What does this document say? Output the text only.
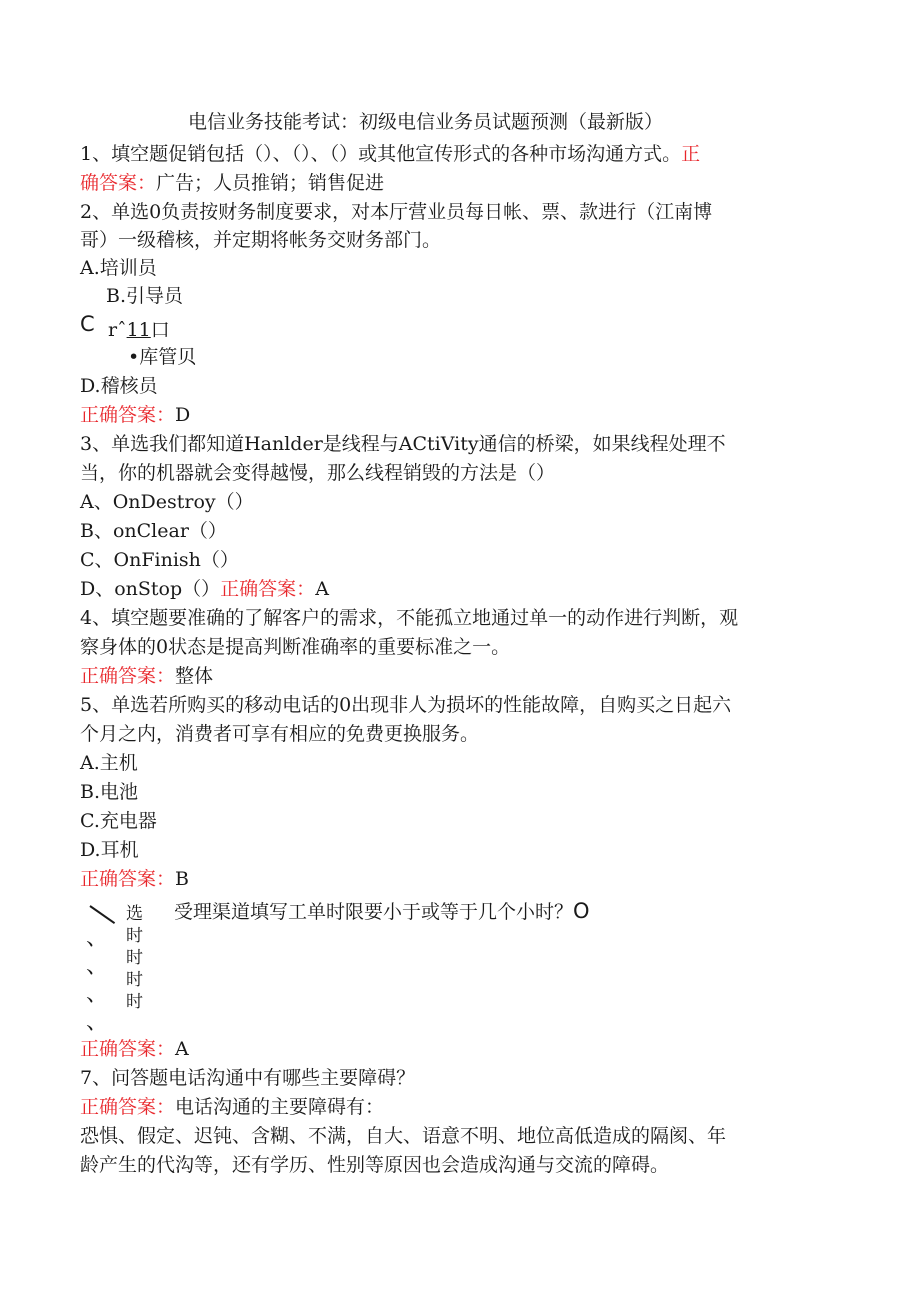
电信业务技能考试：初级电信业务员试题预测（最新版）
1、填空题促销包括（）、（）、（）或其他宣传形式的各种市场沟通方式。正
确答案：广告；人员推销；销售促进
2、单选0负责按财务制度要求，对本厅营业员每日帐、票、款进行（江南博
哥）一级稽核，并定期将帐务交财务部门。
A.培训员
B.引导员
C rˆ11口
•库管贝
D.稽核员
正确答案：D
3、单选我们都知道Hanlder是线程与ACtiVity通信的桥梁，如果线程处理不
当，你的机器就会变得越慢，那么线程销毁的方法是（）
A、OnDestroy（）
B、onClear（）
C、OnFinish（）
D、onStop（）正确答案：A
4、填空题要准确的了解客户的需求，不能孤立地通过单一的动作进行判断，观
察身体的0状态是提高判断准确率的重要标准之一。
正确答案：整体
5、单选若所购买的移动电话的0出现非人为损坏的性能故障，自购买之日起六
个月之内，消费者可享有相应的免费更换服务。
A.主机
B.电池
C.充电器
D.耳机
正确答案：B
、
、
、
、
选
时
时
时
时
受理渠道填写工单时限要小于或等于几个小时？O
正确答案：A
7、问答题电话沟通中有哪些主要障碍？
正确答案：电话沟通的主要障碍有：
恐惧、假定、迟钝、含糊、不满，自大、语意不明、地位高低造成的隔阂、年
龄产生的代沟等，还有学历、性别等原因也会造成沟通与交流的障碍。
